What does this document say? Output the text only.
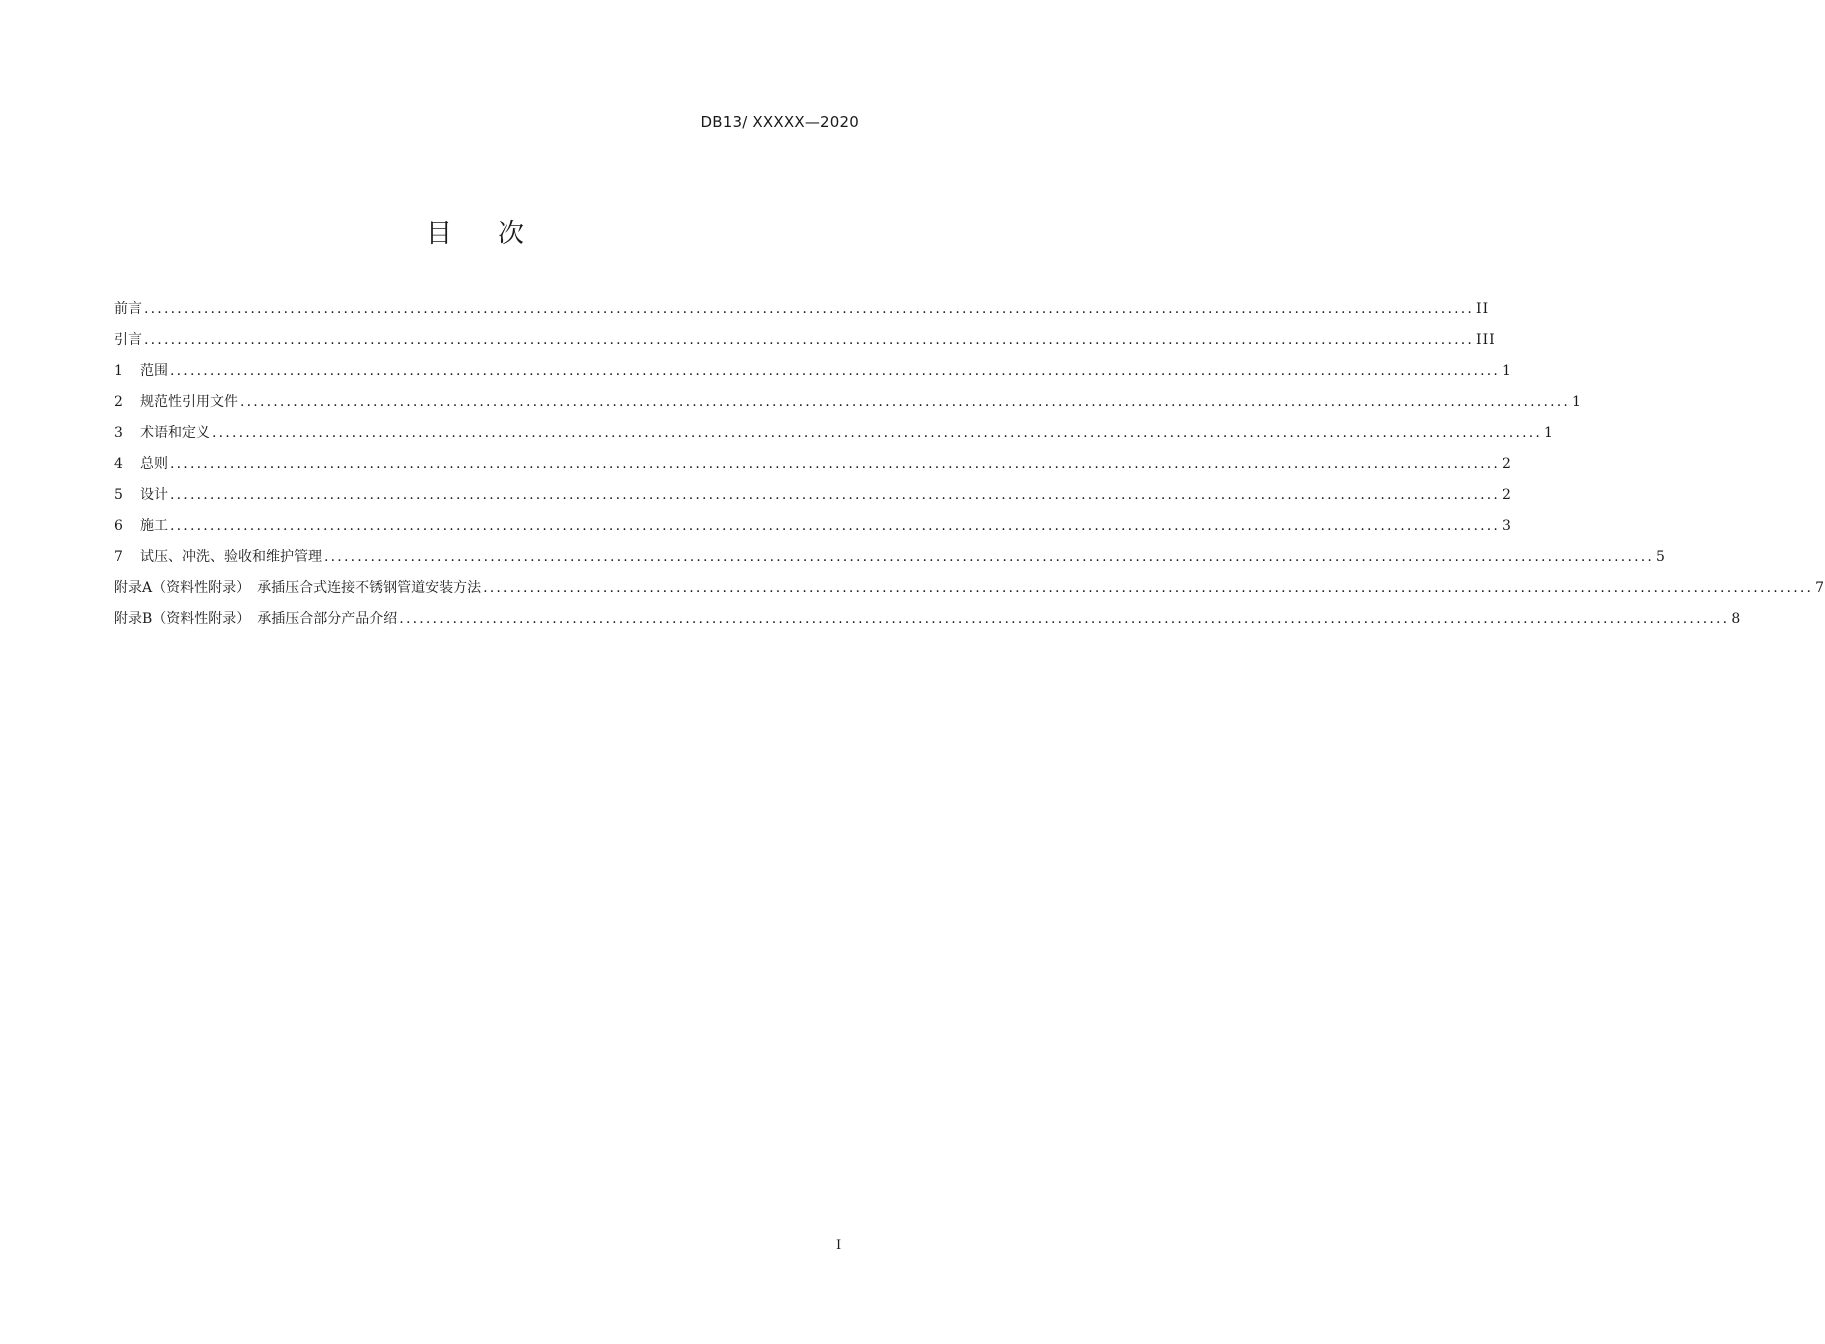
DB13/ XXXXX—2020
目次
前言 ........................................................................................................................................................................................................ II
引言 ........................................................................................................................................................................................................ III
1	范围 ........................................................................................................................................................................................................ 1
2	规范性引用文件 ........................................................................................................................................................................................................ 1
3	术语和定义 ........................................................................................................................................................................................................ 1
4	总则 ........................................................................................................................................................................................................ 2
5	设计 ........................................................................................................................................................................................................ 2
6	施工 ........................................................................................................................................................................................................ 3
7	试压、冲洗、验收和维护管理 ........................................................................................................................................................................................................ 5
附录A（资料性附录）　承插压合式连接不锈钢管道安装方法 ........................................................................................................................................................................................................ 7
附录B（资料性附录）　承插压合部分产品介绍 ........................................................................................................................................................................................................ 8
I
